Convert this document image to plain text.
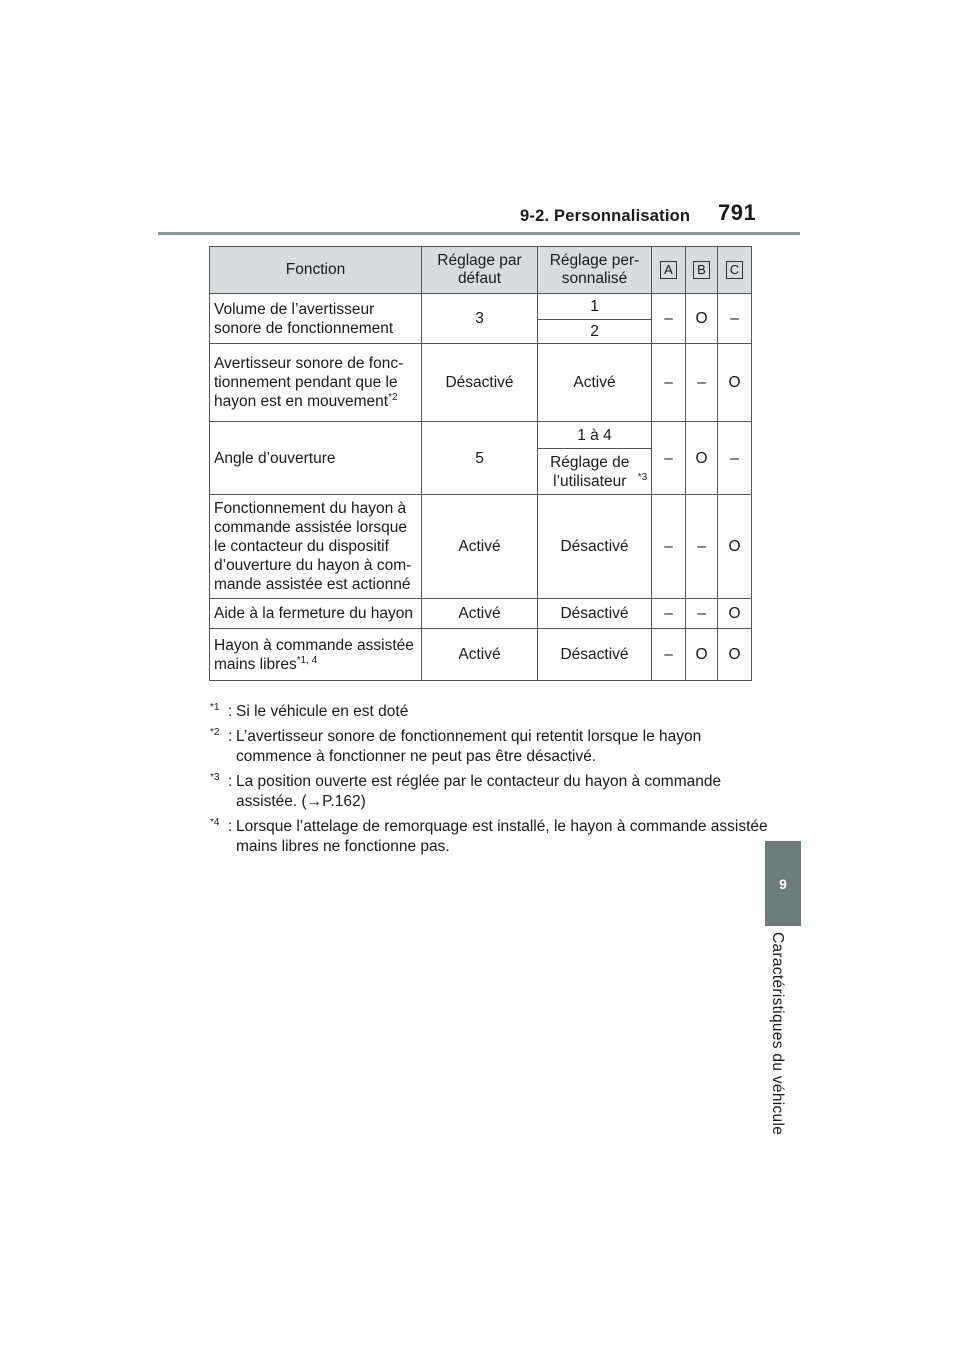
9-2. Personnalisation 791
9
Caractéristiques du véhicule
Fonction	Réglage par défaut	Réglage per-sonnalisé	A	B	C
Volume de l’avertisseur
sonore de fonctionnement	3	1	–	O	–
		2			
Avertisseur sonore de fonc-
tionnement pendant que le
hayon est en mouvement$^{*2}$	Désactivé	Activé	–	–	O
Angle d’ouverture	5	1 à 4	–	O	–
		Réglage de l’utilisateur $^{*3}$
Fonctionnement du hayon à
commande assistée lorsque
le contacteur du dispositif
d’ouverture du hayon à com-
mande assistée est actionné	Activé	Désactivé	–	–	O
Aide à la fermeture du hayon	Activé	Désactivé	–	–	O
Hayon à commande assistée
mains libres$^{*1, 4}$	Activé	Désactivé	–	O	O
$^{*1}$ : Si le véhicule en est doté
$^{*2}$ : L’avertisseur sonore de fonctionnement qui retentit lorsque le hayon commence à fonctionner ne peut pas être désactivé.
$^{*3}$ : La position ouverte est réglée par le contacteur du hayon à commande assistée. (→P.162)
$^{*4}$ : Lorsque l’attelage de remorquage est installé, le hayon à commande assistée mains libres ne fonctionne pas.
